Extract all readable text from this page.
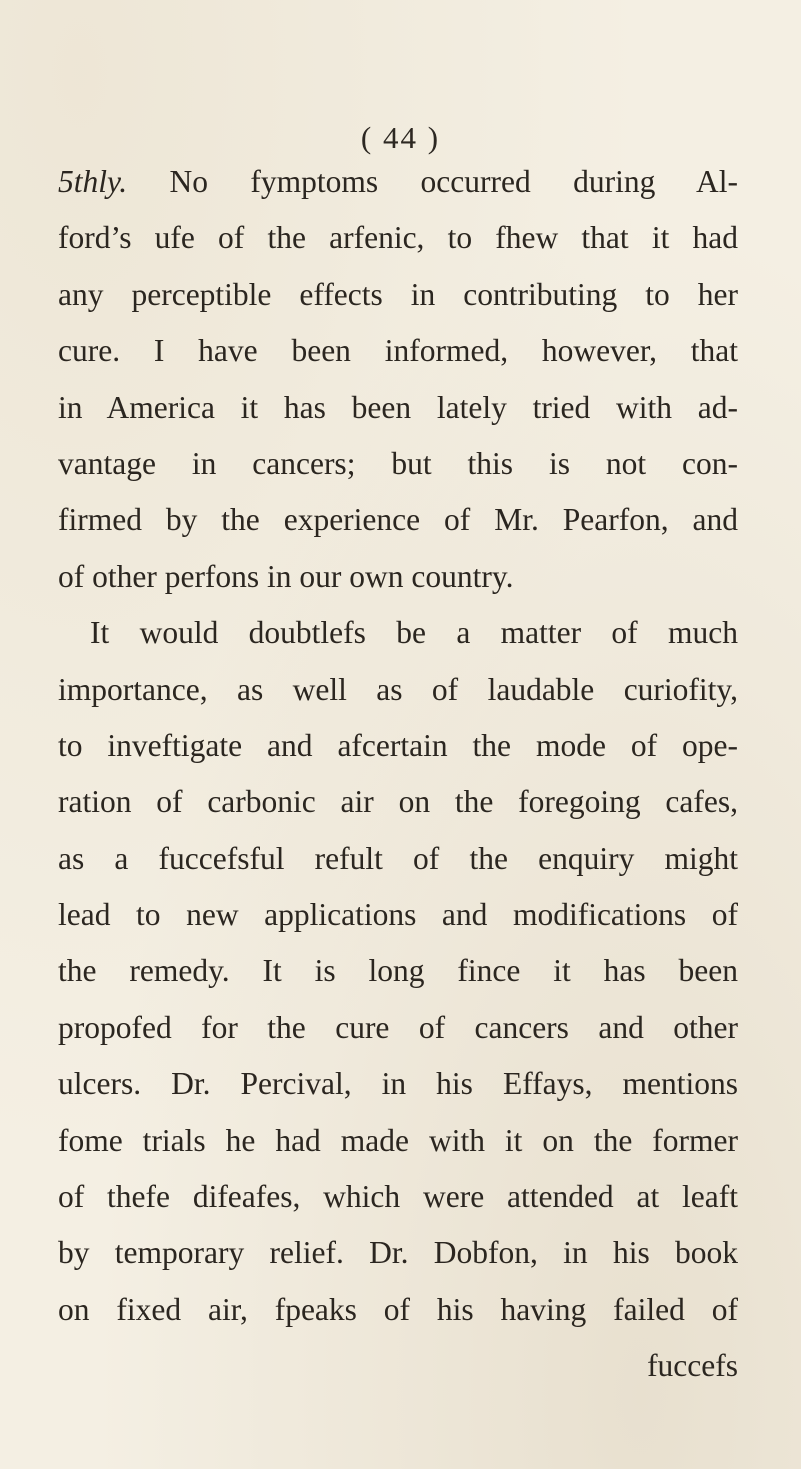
( 44 )
5thly. No fymptoms occurred during Al-
ford’s ufe of the arfenic, to fhew that it had
any perceptible effects in contributing to her
cure. I have been informed, however, that
in America it has been lately tried with ad-
vantage in cancers; but this is not con-
firmed by the experience of Mr. Pearfon, and
of other perfons in our own country.
It would doubtlefs be a matter of much
importance, as well as of laudable curiofity,
to inveftigate and afcertain the mode of ope-
ration of carbonic air on the foregoing cafes,
as a fuccefsful refult of the enquiry might
lead to new applications and modifications of
the remedy. It is long fince it has been
propofed for the cure of cancers and other
ulcers. Dr. Percival, in his Effays, mentions
fome trials he had made with it on the former
of thefe difeafes, which were attended at leaft
by temporary relief. Dr. Dobfon, in his book
on fixed air, fpeaks of his having failed of
fuccefs
